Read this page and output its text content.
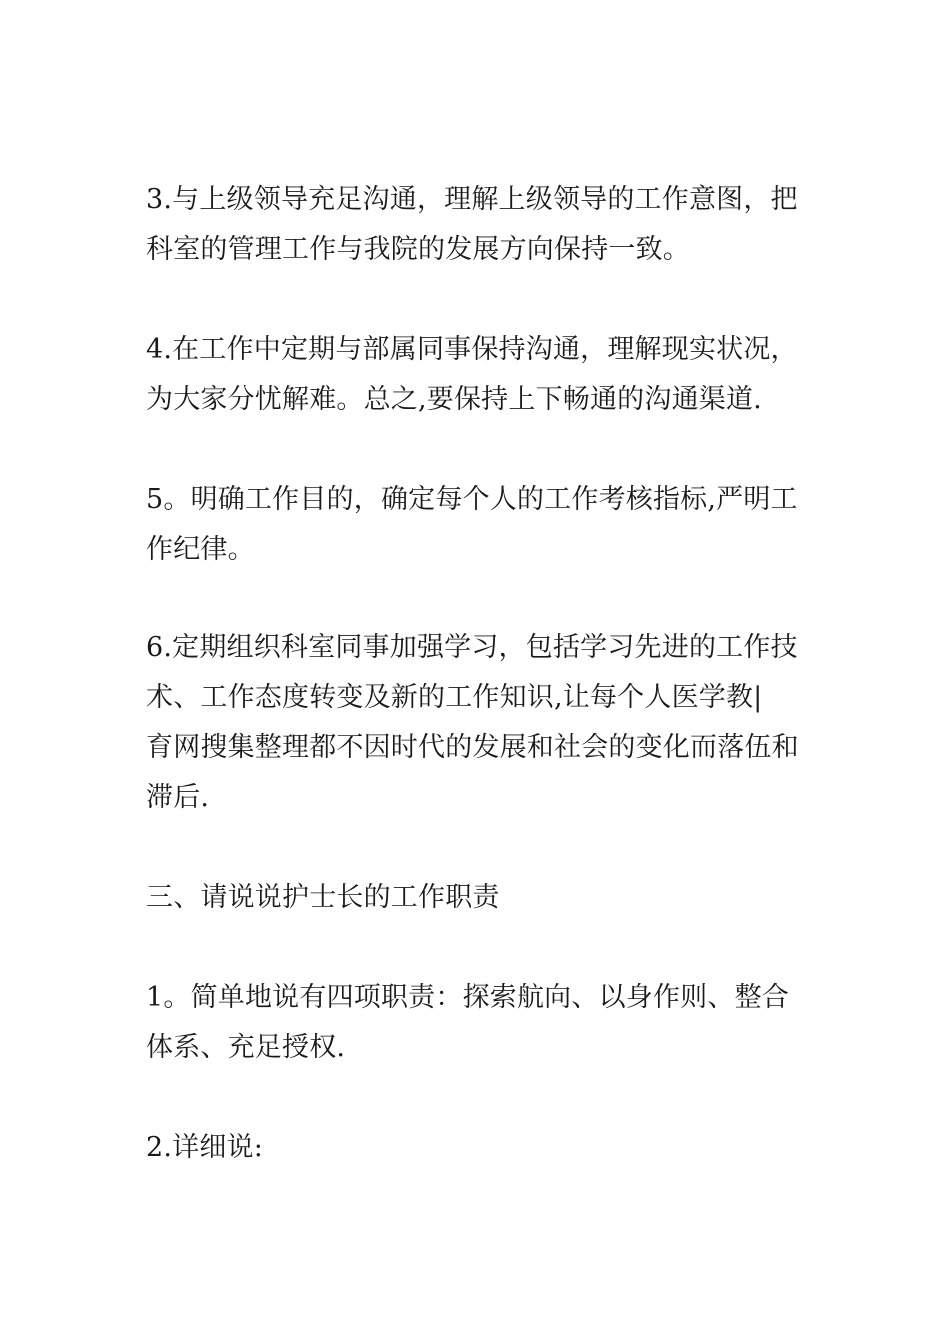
3.与上级领导充足沟通，理解上级领导的工作意图，把
科室的管理工作与我院的发展方向保持一致。

4.在工作中定期与部属同事保持沟通，理解现实状况，
为大家分忧解难。总之,要保持上下畅通的沟通渠道.

5。明确工作目的，确定每个人的工作考核指标,严明工
作纪律。

6.定期组织科室同事加强学习，包括学习先进的工作技
术、工作态度转变及新的工作知识,让每个人医学教|
育网搜集整理都不因时代的发展和社会的变化而落伍和
滞后.

三、请说说护士长的工作职责

1。简单地说有四项职责：探索航向、以身作则、整合
体系、充足授权.

2.详细说:
